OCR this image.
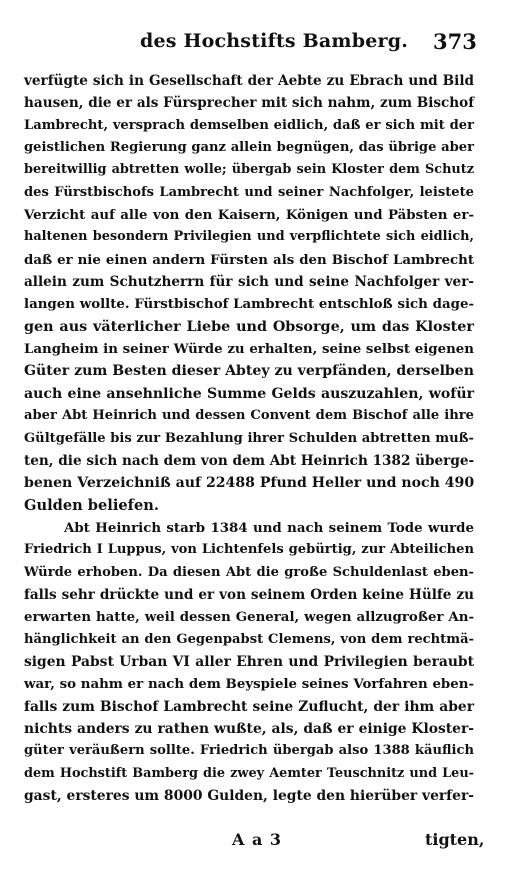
des Hochstifts Bamberg. 373
verfügte sich in Gesellschaft der Aebte zu Ebrach und Bild
hausen, die er als Fürsprecher mit sich nahm, zum Bischof
Lambrecht, versprach demselben eidlich, daß er sich mit der
geistlichen Regierung ganz allein begnügen, das übrige aber
bereitwillig abtretten wolle; übergab sein Kloster dem Schutz
des Fürstbischofs Lambrecht und seiner Nachfolger, leistete
Verzicht auf alle von den Kaisern, Königen und Päbsten er-
haltenen besondern Privilegien und verpflichtete sich eidlich,
daß er nie einen andern Fürsten als den Bischof Lambrecht
allein zum Schutzherrn für sich und seine Nachfolger ver-
langen wollte. Fürstbischof Lambrecht entschloß sich dage-
gen aus väterlicher Liebe und Obsorge, um das Kloster
Langheim in seiner Würde zu erhalten, seine selbst eigenen
Güter zum Besten dieser Abtey zu verpfänden, derselben
auch eine ansehnliche Summe Gelds auszuzahlen, wofür
aber Abt Heinrich und dessen Convent dem Bischof alle ihre
Gültgefälle bis zur Bezahlung ihrer Schulden abtretten muß-
ten, die sich nach dem von dem Abt Heinrich 1382 überge-
benen Verzeichniß auf 22488 Pfund Heller und noch 490
Gulden beliefen.
Abt Heinrich starb 1384 und nach seinem Tode wurde
Friedrich I Luppus, von Lichtenfels gebürtig, zur Abteilichen
Würde erhoben. Da diesen Abt die große Schuldenlast eben-
falls sehr drückte und er von seinem Orden keine Hülfe zu
erwarten hatte, weil dessen General, wegen allzugroßer An-
hänglichkeit an den Gegenpabst Clemens, von dem rechtmä-
sigen Pabst Urban VI aller Ehren und Privilegien beraubt
war, so nahm er nach dem Beyspiele seines Vorfahren eben-
falls zum Bischof Lambrecht seine Zuflucht, der ihm aber
nichts anders zu rathen wußte, als, daß er einige Kloster-
güter veräußern sollte. Friedrich übergab also 1388 käuflich
dem Hochstift Bamberg die zwey Aemter Teuschnitz und Leu-
gast, ersteres um 8000 Gulden, legte den hierüber verfer-
A a 3	tigten,
